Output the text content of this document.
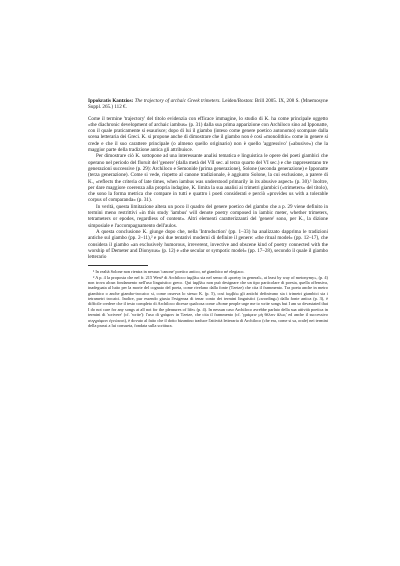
Ippokratis Kantzios: The trajectory of archaic Greek trimeters. Leiden/Boston: Brill 2005. IX, 208 S. (Mnemosyne Suppl. 265.) 112 €.

Come il termine 'trajectory' del titolo evidenzia con efficace immagine, lo studio di K. ha come principale oggetto «the diachronic development of archaic iambus» (p. 31) dalla sua prima apparizione con Archiloco sino ad Ipponatte, con il quale praticamente si esaurisce; dopo di lui il giambo (inteso come genere poetico autonomo) scompare dalla scena letteraria dei Greci. K. si propone anche di dimostrare che il giambo non è così «monolithic» come in genere si crede e che il suo carattere principale (o almeno quello originario) non è quello 'aggressivo' («abusive») che la maggior parte della tradizione antica gli attribuisce.

Per dimostrare ciò K. sottopone ad una interessante analisi tematica e linguistica le opere dei poeti giambici che operano nel periodo del floruit del 'genere' (dalla metà del VII sec. al terzo quarto del VI sec.) e che rappresentano tre generazioni successive (p. 29): Archiloco e Semonide (prima generazione), Solone (seconda generazione) e Ipponatte (terza generazione). Come si vede, rispetto al canone tradizionale, è aggiunto Solone, la cui esclusione, a parere di K., «reflects the criteria of late times, when iambus was understood primarily in its abusive aspect» (p. 30).¹ Inoltre, per dare maggiore coerenza alla propria indagine, K. limita la sua analisi ai trimetri giambici («trimeters» del titolo), che sono la forma metrica che compare in tutti e quattro i poeti considerati e perciò «provides us with a tolerable corpus of comparanda» (p. 31).

In verità, questa limitazione altera un poco il quadro del genere poetico del giambo che a p. 29 viene definito in termini meno restrittivi «in this study 'iambus' will denote poetry composed in iambic meter, whether trimeters, tetrameters or epodes, regardless of content». Altri elementi caratterizzanti del 'genere' sono, per K., la dizione simposiale e l'accompagnamento dell'aulos.

A questa conclusione K. giunge dopo che, nella 'Introduction' (pp. 1–33) ha analizzato dapprima le tradizioni antiche sul giambo (pp. 2–11),² e poi due tentativi moderni di definire il genere: «the ritual model» (pp. 12–17), che considera il giambo «an exclusively humorous, irreverent, invective and obscene kind of poetry connected with the worship of Demeter and Dionysus» (p. 12) e «the secular or sympotic model» (pp. 17–28), secondo il quale il giambo letterario

¹ In realtà Solone non rientra in nessun 'canone' poetico antico, né giambico né elegiaco.

² A p. 4 la proposta che nel fr. 215 West² di Archiloco ἰαμβέω sia nel senso di «poetry in general», at least by way of metonymy», (p. 4) non trova alcun fondamento nell'uso linguistico greco. Qui ἰαμβέω non può designare che un tipo particolare di poesia, quella offensiva, inadeguata al lutto per la morte del cognato del poeta, come rivelano dalla fonte (Tzetze) che cita il frammento. Tra poeta anche in metro giambico o anche giambo-trocaico si, come osserva lo stesso K. (p. 5), così ἰαμβέω gli antichi definivano sia i trimetri giambici sia i tetrametri trocaici. Inoltre, pur essendo giusta l'esigenza di tenar conto dei termini linguistici («wording») dalla fonte antica (p. 3), è difficile credere che il testo completo di Archiloco dicesse qualcosa come «Some people urge me to write songs but I am so devastated that I do not care for any songs at all not for the pleasures of life» (p. 4). In nessun caso Archiloco avrebbe parlato della sua attività poetica in termini di 'scrivere' (cf. 'write'): l'uso di γράφειν in Tzetze, che cita il frammento (cf. 'γράφειν μὴ θέλειν ἄλως' ed anche il successivo συγγράφειν ἐγνώτεσι), è dovuto al fatto che il dotto bizantino traduce l'attività letteraria di Archiloco (che era, come si sa, orale) nei termini della prassi a lui consueta, fondata sulla scrittura.
